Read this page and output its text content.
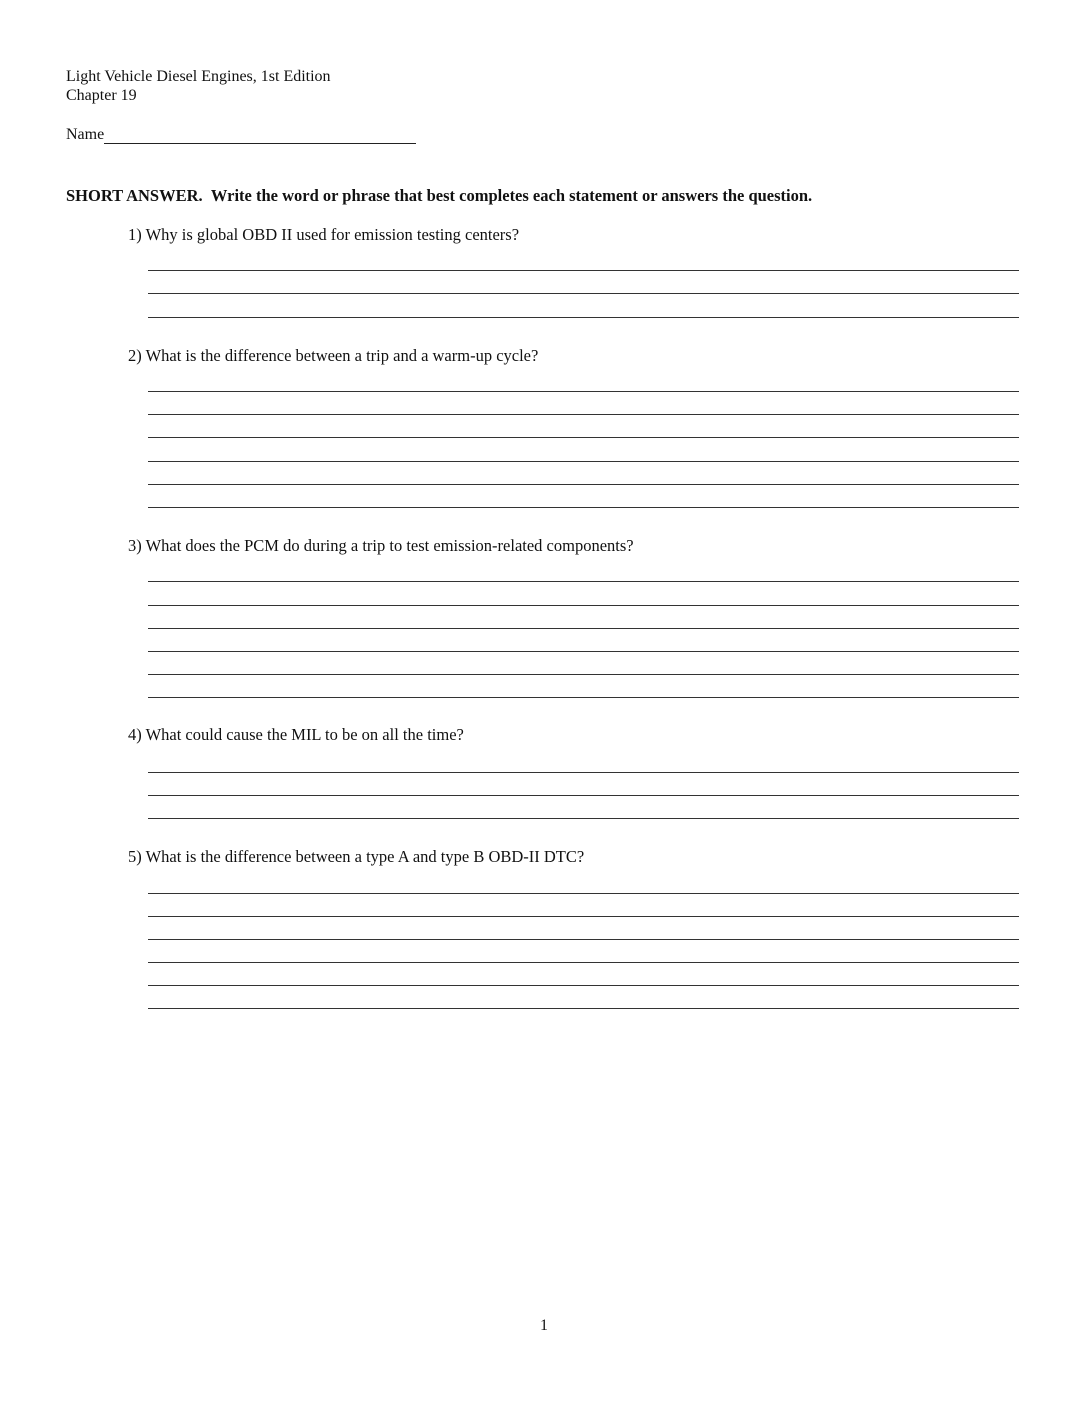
Light Vehicle Diesel Engines, 1st Edition
Chapter 19
Name
SHORT ANSWER. Write the word or phrase that best completes each statement or answers the question.
1) Why is global OBD II used for emission testing centers?
2) What is the difference between a trip and a warm-up cycle?
3) What does the PCM do during a trip to test emission-related components?
4) What could cause the MIL to be on all the time?
5) What is the difference between a type A and type B OBD-II DTC?
1
